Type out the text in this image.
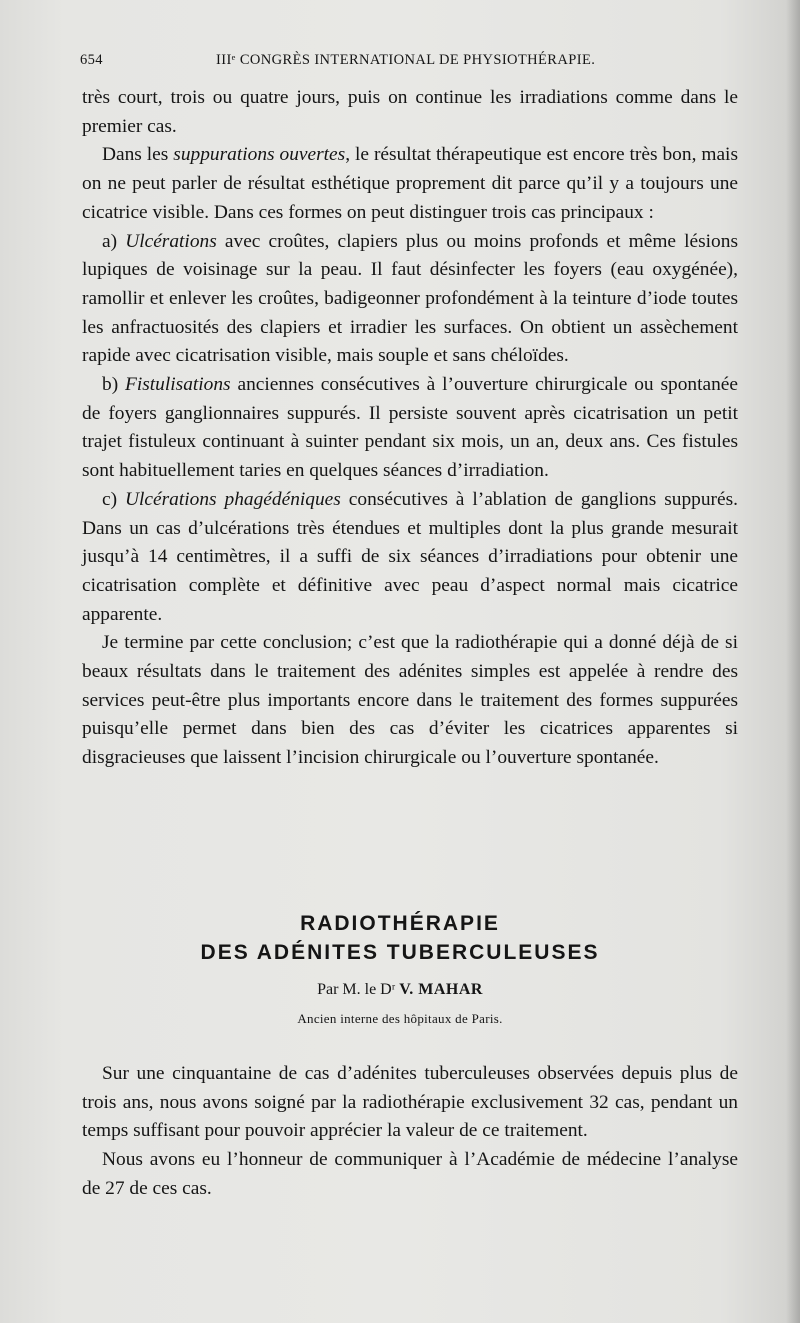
654	IIIᵉ CONGRÈS INTERNATIONAL DE PHYSIOTHÉRAPIE.

très court, trois ou quatre jours, puis on continue les irradiations comme dans le premier cas.

Dans les suppurations ouvertes, le résultat thérapeutique est encore très bon, mais on ne peut parler de résultat esthétique proprement dit parce qu’il y a toujours une cicatrice visible. Dans ces formes on peut distinguer trois cas principaux :

a) Ulcérations avec croûtes, clapiers plus ou moins profonds et même lésions lupiques de voisinage sur la peau. Il faut désinfecter les foyers (eau oxygénée), ramollir et enlever les croûtes, badigeonner profondément à la teinture d’iode toutes les anfractuosités des clapiers et irradier les surfaces. On obtient un assèchement rapide avec cicatrisation visible, mais souple et sans chéloïdes.

b) Fistulisations anciennes consécutives à l’ouverture chirurgicale ou spontanée de foyers ganglionnaires suppurés. Il persiste souvent après cicatrisation un petit trajet fistuleux continuant à suinter pendant six mois, un an, deux ans. Ces fistules sont habituellement taries en quelques séances d’irradiation.

c) Ulcérations phagédéniques consécutives à l’ablation de ganglions suppurés. Dans un cas d’ulcérations très étendues et multiples dont la plus grande mesurait jusqu’à 14 centimètres, il a suffi de six séances d’irradiations pour obtenir une cicatrisation complète et définitive avec peau d’aspect normal mais cicatrice apparente.

Je termine par cette conclusion; c’est que la radiothérapie qui a donné déjà de si beaux résultats dans le traitement des adénites simples est appelée à rendre des services peut-être plus importants encore dans le traitement des formes suppurées puisqu’elle permet dans bien des cas d’éviter les cicatrices apparentes si disgracieuses que laissent l’incision chirurgicale ou l’ouverture spontanée.

RADIOTHÉRAPIE
DES ADÉNITES TUBERCULEUSES
Par M. le Dʳ V. MAHAR
Ancien interne des hôpitaux de Paris.

Sur une cinquantaine de cas d’adénites tuberculeuses observées depuis plus de trois ans, nous avons soigné par la radiothérapie exclusivement 32 cas, pendant un temps suffisant pour pouvoir apprécier la valeur de ce traitement.

Nous avons eu l’honneur de communiquer à l’Académie de médecine l’analyse de 27 de ces cas.
